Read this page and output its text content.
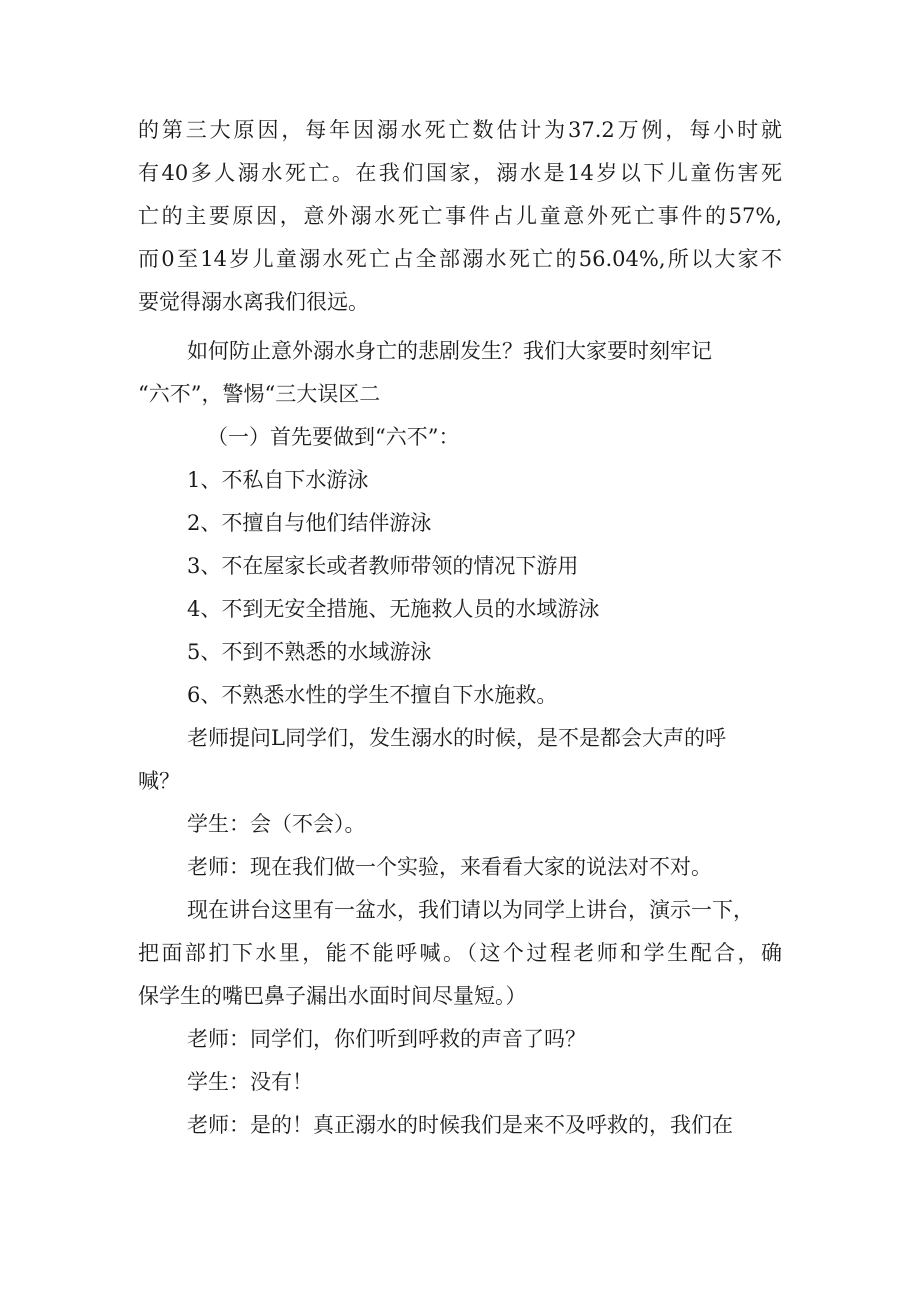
的第三大原因，每年因溺水死亡数估计为37.2万例，每小时就
有40多人溺水死亡。在我们国家，溺水是14岁以下儿童伤害死
亡的主要原因，意外溺水死亡事件占儿童意外死亡事件的57%,
而0至14岁儿童溺水死亡占全部溺水死亡的56.04%,所以大家不
要觉得溺水离我们很远。
如何防止意外溺水身亡的悲剧发生？我们大家要时刻牢记
“六不”，警惕“三大误区二
（一）首先要做到“六不”：
1、不私自下水游泳
2、不擅自与他们结伴游泳
3、不在屋家长或者教师带领的情况下游用
4、不到无安全措施、无施救人员的水域游泳
5、不到不熟悉的水域游泳
6、不熟悉水性的学生不擅自下水施救。
老师提问L同学们，发生溺水的时候，是不是都会大声的呼
喊？
学生：会（不会）。
老师：现在我们做一个实验，来看看大家的说法对不对。
现在讲台这里有一盆水，我们请以为同学上讲台，演示一下，
把面部扪下水里，能不能呼喊。（这个过程老师和学生配合，确
保学生的嘴巴鼻子漏出水面时间尽量短。）
老师：同学们，你们听到呼救的声音了吗？
学生：没有！
老师：是的！真正溺水的时候我们是来不及呼救的，我们在
